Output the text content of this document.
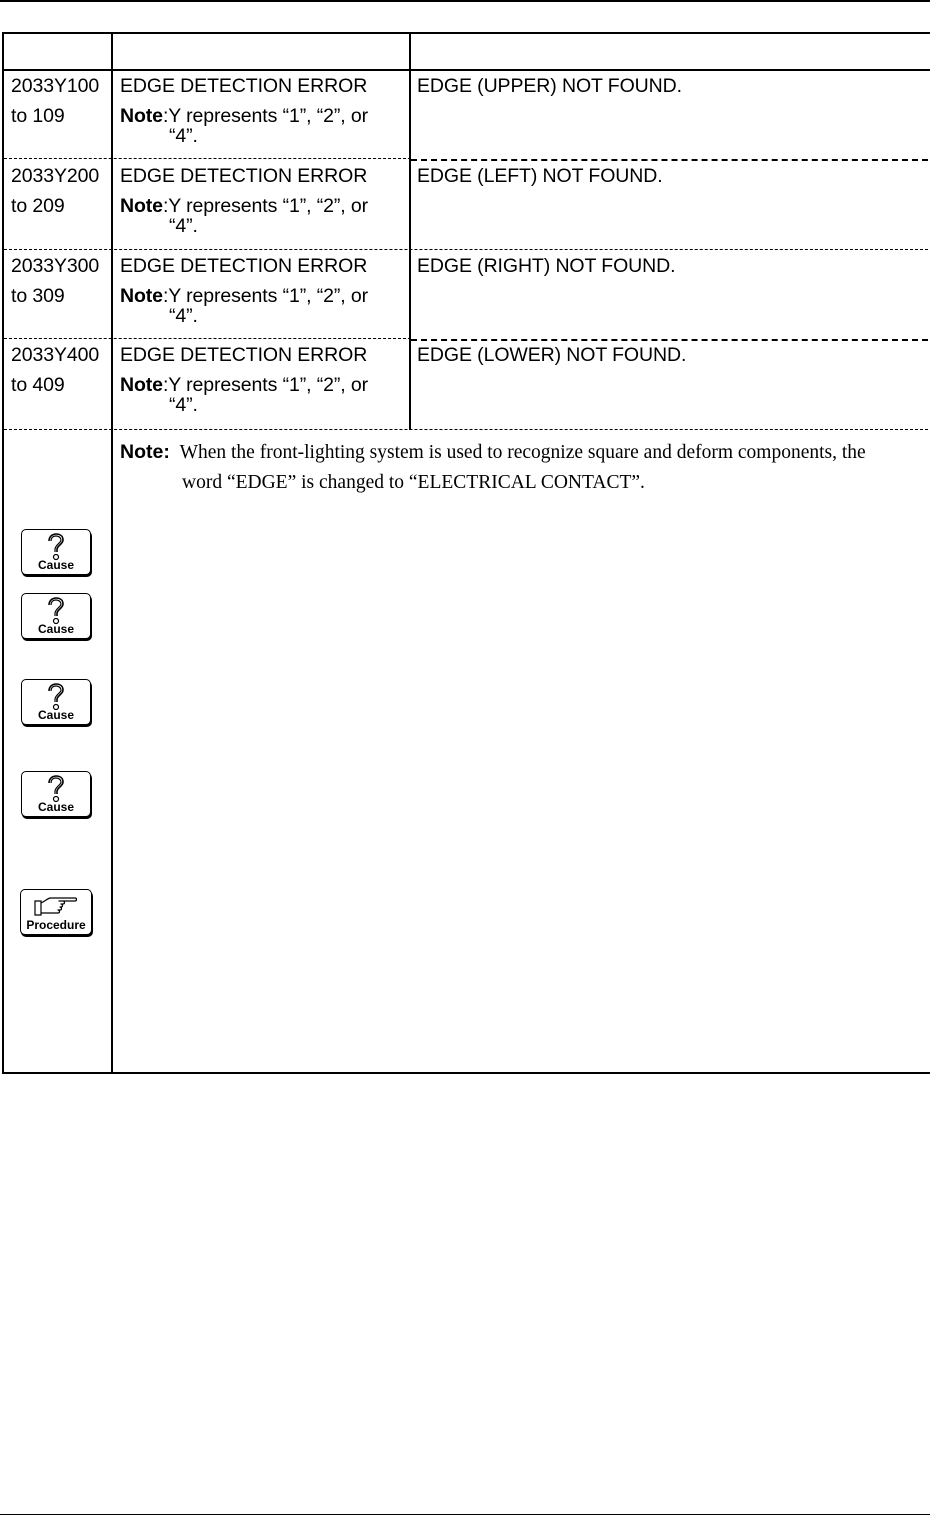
2033Y100
to 109
EDGE DETECTION ERROR
Note:Y represents “1”, “2”, or
“4”.
EDGE (UPPER) NOT FOUND.
2033Y200
to 209
EDGE DETECTION ERROR
Note:Y represents “1”, “2”, or
“4”.
EDGE (LEFT) NOT FOUND.
2033Y300
to 309
EDGE DETECTION ERROR
Note:Y represents “1”, “2”, or
“4”.
EDGE (RIGHT) NOT FOUND.
2033Y400
to 409
EDGE DETECTION ERROR
Note:Y represents “1”, “2”, or
“4”.
EDGE (LOWER) NOT FOUND.
Note: When the front-lighting system is used to recognize square and deform components, the
word “EDGE” is changed to “ELECTRICAL CONTACT”.
Cause
Cause
Cause
Cause
Procedure
